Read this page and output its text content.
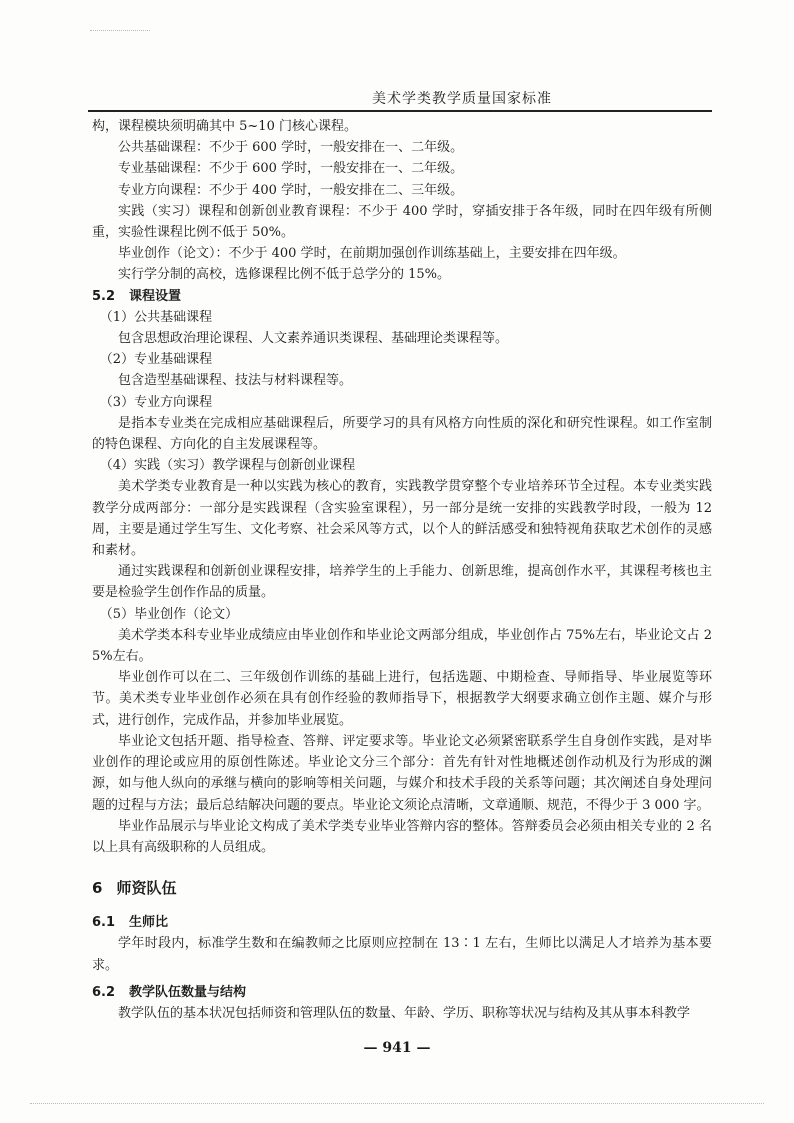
美术学类教学质量国家标准

构，课程模块须明确其中 5~10 门核心课程。

公共基础课程：不少于 600 学时，一般安排在一、二年级。

专业基础课程：不少于 600 学时，一般安排在一、二年级。

专业方向课程：不少于 400 学时，一般安排在二、三年级。

实践（实习）课程和创新创业教育课程：不少于 400 学时，穿插安排于各年级，同时在四年级有所侧重，实验性课程比例不低于 50%。

毕业创作（论文）：不少于 400 学时，在前期加强创作训练基础上，主要安排在四年级。

实行学分制的高校，选修课程比例不低于总学分的 15%。

5.2 课程设置

（1）公共基础课程

包含思想政治理论课程、人文素养通识类课程、基础理论类课程等。

（2）专业基础课程

包含造型基础课程、技法与材料课程等。

（3）专业方向课程

是指本专业类在完成相应基础课程后，所要学习的具有风格方向性质的深化和研究性课程。如工作室制的特色课程、方向化的自主发展课程等。

（4）实践（实习）教学课程与创新创业课程

美术学类专业教育是一种以实践为核心的教育，实践教学贯穿整个专业培养环节全过程。本专业类实践教学分成两部分：一部分是实践课程（含实验室课程），另一部分是统一安排的实践教学时段，一般为 12 周，主要是通过学生写生、文化考察、社会采风等方式，以个人的鲜活感受和独特视角获取艺术创作的灵感和素材。

通过实践课程和创新创业课程安排，培养学生的上手能力、创新思维，提高创作水平，其课程考核也主要是检验学生创作作品的质量。

（5）毕业创作（论文）

美术学类本科专业毕业成绩应由毕业创作和毕业论文两部分组成，毕业创作占 75%左右，毕业论文占 25%左右。

毕业创作可以在二、三年级创作训练的基础上进行，包括选题、中期检查、导师指导、毕业展览等环节。美术类专业毕业创作必须在具有创作经验的教师指导下，根据教学大纲要求确立创作主题、媒介与形式，进行创作，完成作品，并参加毕业展览。

毕业论文包括开题、指导检查、答辩、评定要求等。毕业论文必须紧密联系学生自身创作实践，是对毕业创作的理论或应用的原创性陈述。毕业论文分三个部分：首先有针对性地概述创作动机及行为形成的渊源，如与他人纵向的承继与横向的影响等相关问题，与媒介和技术手段的关系等问题；其次阐述自身处理问题的过程与方法；最后总结解决问题的要点。毕业论文须论点清晰，文章通顺、规范，不得少于 3 000 字。

毕业作品展示与毕业论文构成了美术学类专业毕业答辩内容的整体。答辩委员会必须由相关专业的 2 名以上具有高级职称的人员组成。

6 师资队伍
6.1 生师比

学年时段内，标准学生数和在编教师之比原则应控制在 13∶1 左右，生师比以满足人才培养为基本要求。

6.2 教学队伍数量与结构

教学队伍的基本状况包括师资和管理队伍的数量、年龄、学历、职称等状况与结构及其从事本科教学

— 941 —
